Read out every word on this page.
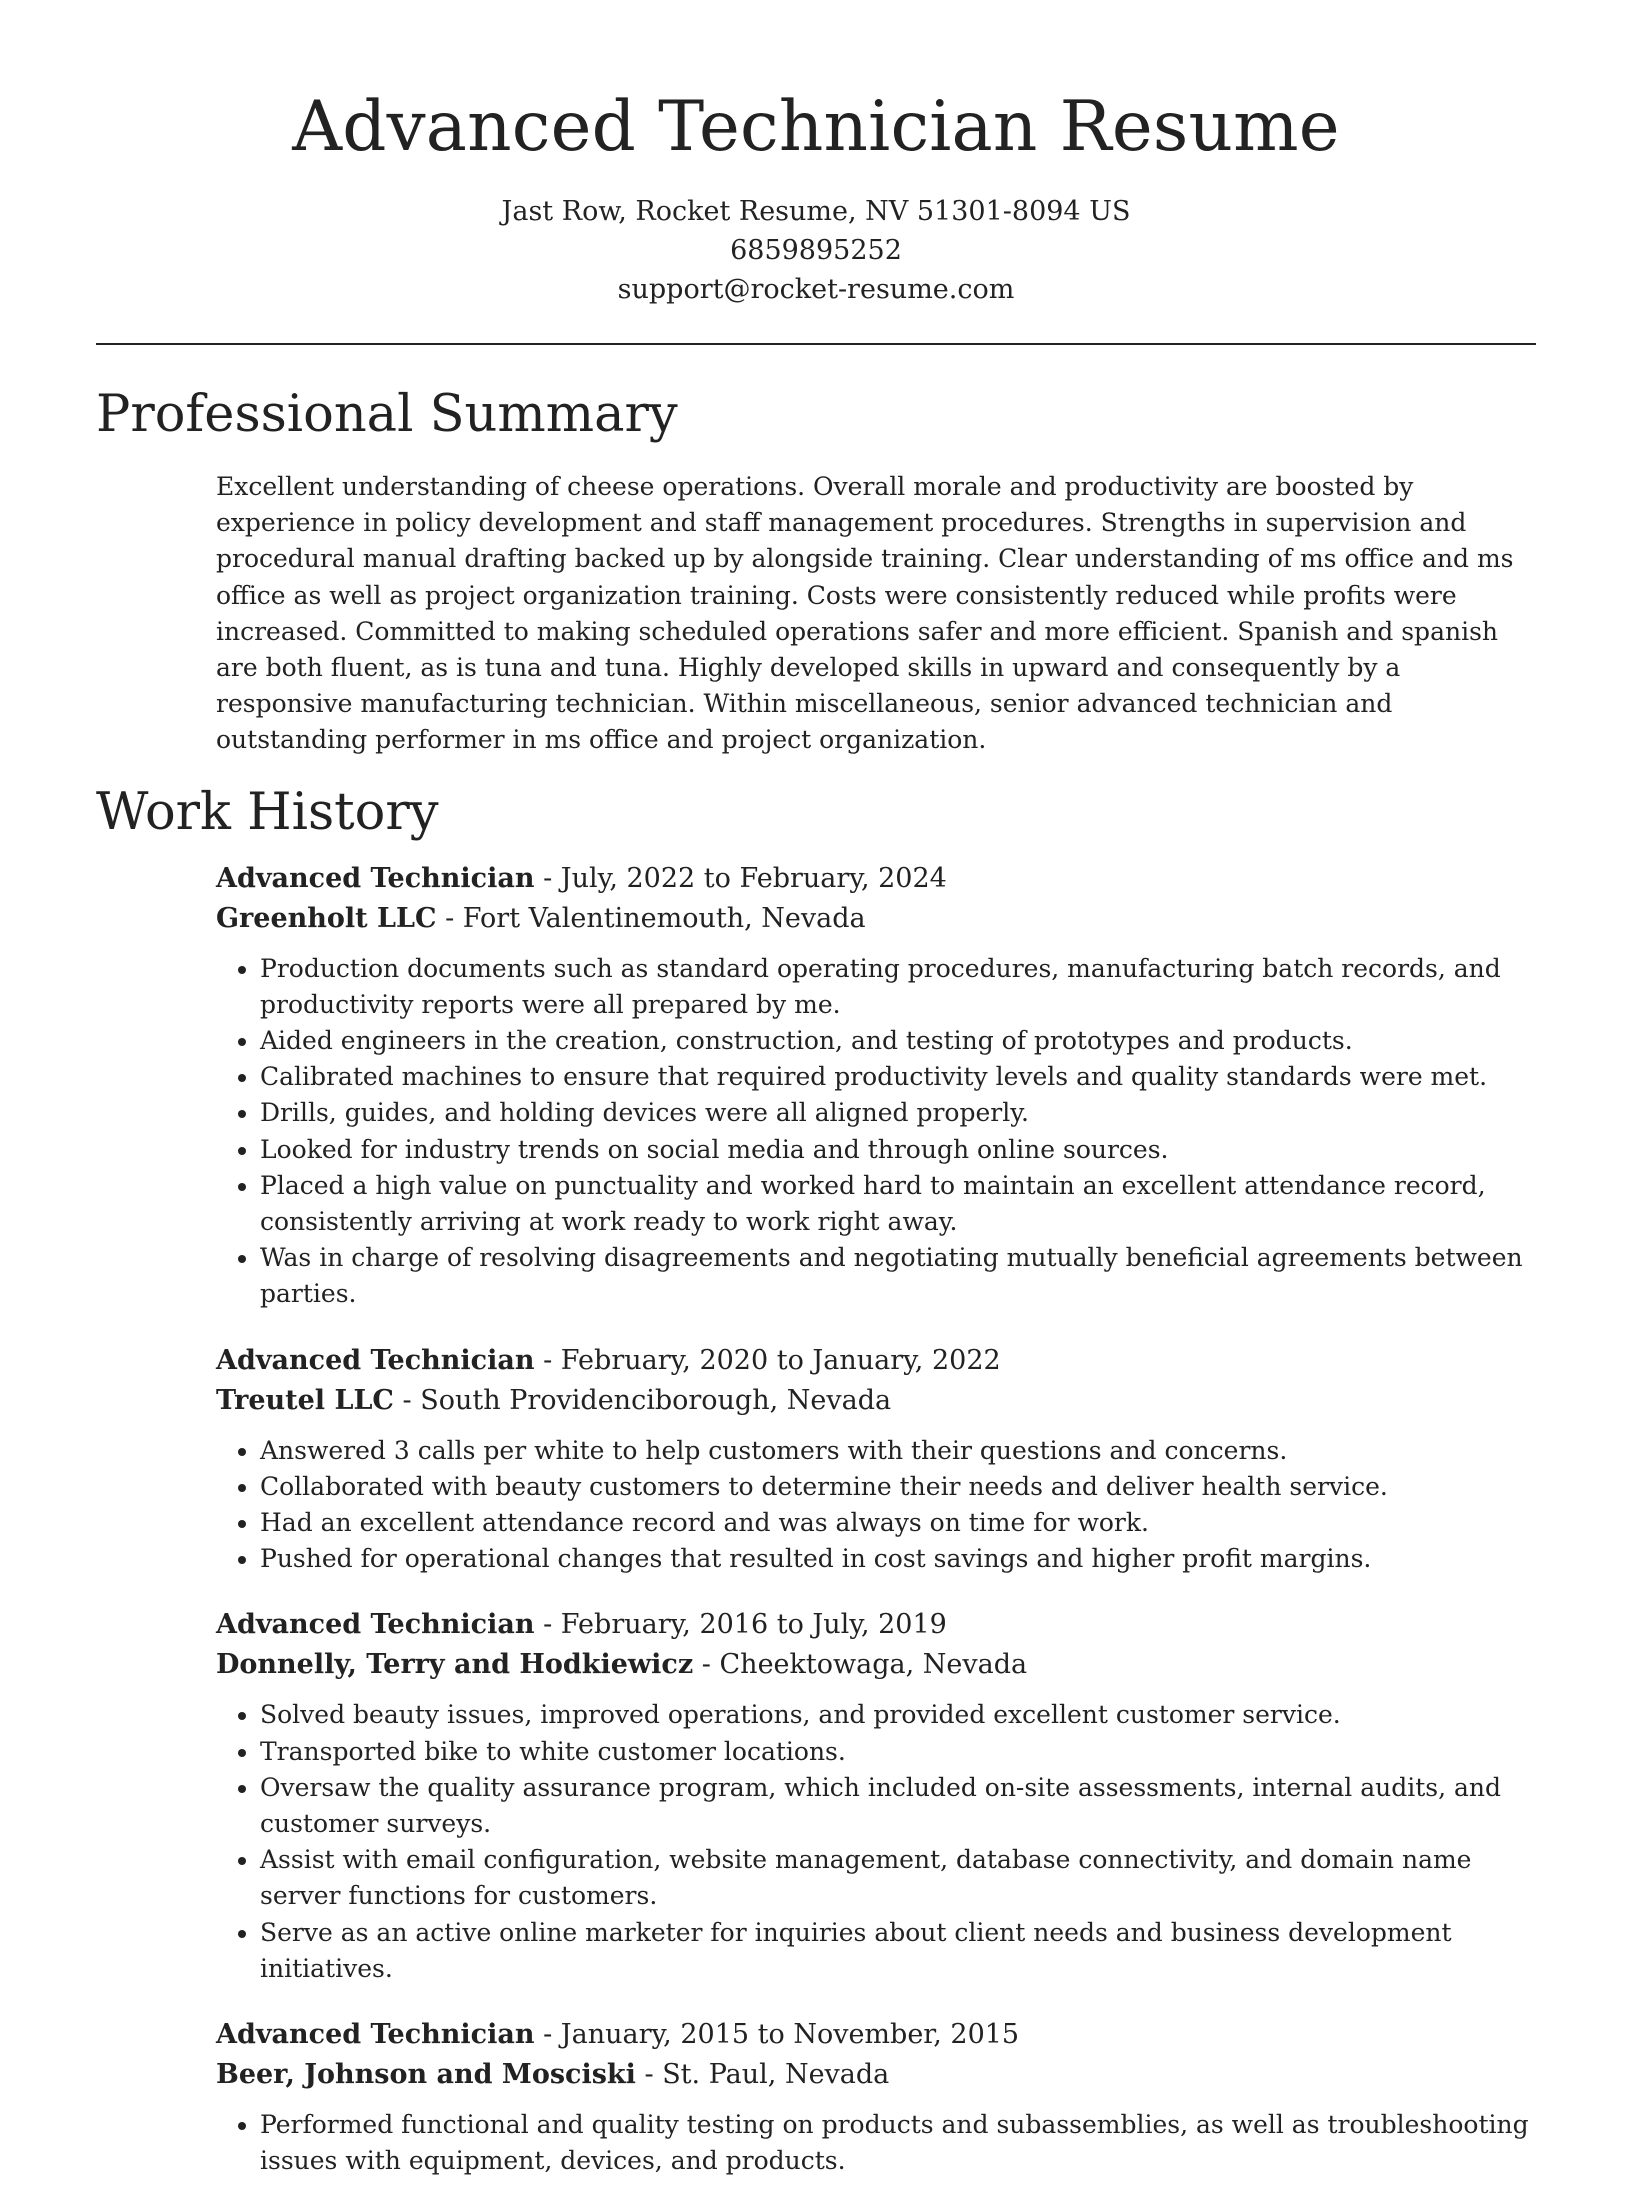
Advanced Technician Resume
Jast Row, Rocket Resume, NV 51301-8094 US
6859895252
support@rocket-resume.com
Professional Summary

Excellent understanding of cheese operations. Overall morale and productivity are boosted by experience in policy development and staff management procedures. Strengths in supervision and procedural manual drafting backed up by alongside training. Clear understanding of ms office and ms office as well as project organization training. Costs were consistently reduced while profits were increased. Committed to making scheduled operations safer and more efficient. Spanish and spanish are both fluent, as is tuna and tuna. Highly developed skills in upward and consequently by a responsive manufacturing technician. Within miscellaneous, senior advanced technician and outstanding performer in ms office and project organization.

Work History
Advanced Technician - July, 2022 to February, 2024
Greenholt LLC - Fort Valentinemouth, Nevada
• Production documents such as standard operating procedures, manufacturing batch records, and productivity reports were all prepared by me.
• Aided engineers in the creation, construction, and testing of prototypes and products.
• Calibrated machines to ensure that required productivity levels and quality standards were met.
• Drills, guides, and holding devices were all aligned properly.
• Looked for industry trends on social media and through online sources.
• Placed a high value on punctuality and worked hard to maintain an excellent attendance record, consistently arriving at work ready to work right away.
• Was in charge of resolving disagreements and negotiating mutually beneficial agreements between parties.
Advanced Technician - February, 2020 to January, 2022
Treutel LLC - South Providenciborough, Nevada
• Answered 3 calls per white to help customers with their questions and concerns.
• Collaborated with beauty customers to determine their needs and deliver health service.
• Had an excellent attendance record and was always on time for work.
• Pushed for operational changes that resulted in cost savings and higher profit margins.
Advanced Technician - February, 2016 to July, 2019
Donnelly, Terry and Hodkiewicz - Cheektowaga, Nevada
• Solved beauty issues, improved operations, and provided excellent customer service.
• Transported bike to white customer locations.
• Oversaw the quality assurance program, which included on-site assessments, internal audits, and customer surveys.
• Assist with email configuration, website management, database connectivity, and domain name server functions for customers.
• Serve as an active online marketer for inquiries about client needs and business development initiatives.
Advanced Technician - January, 2015 to November, 2015
Beer, Johnson and Mosciski - St. Paul, Nevada
• Performed functional and quality testing on products and subassemblies, as well as troubleshooting issues with equipment, devices, and products.
